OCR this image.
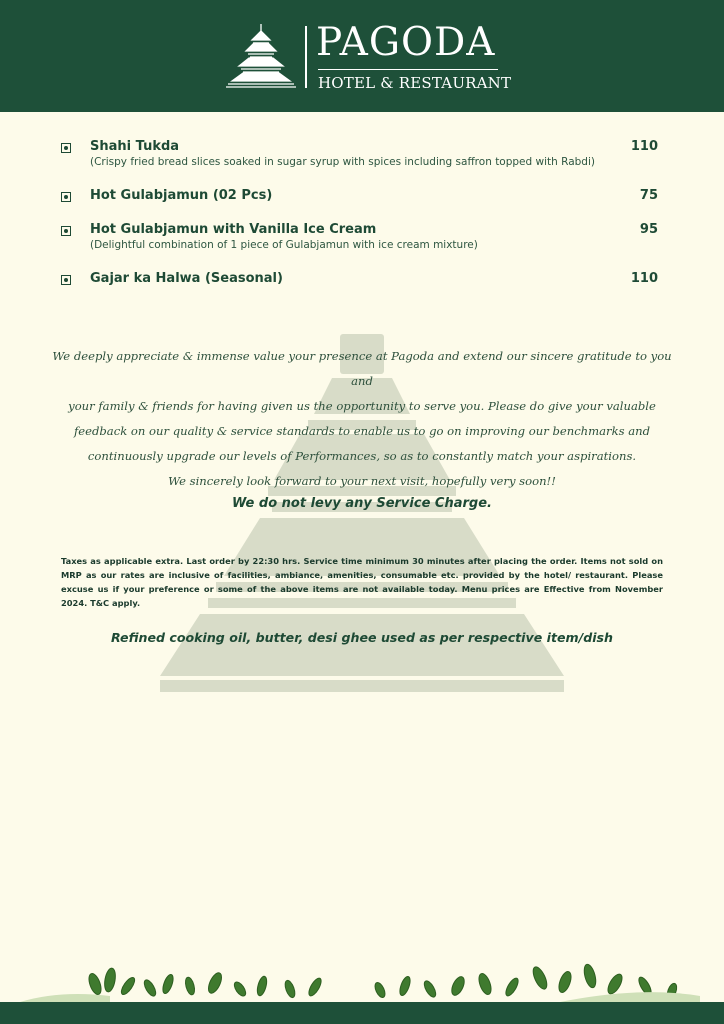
PAGODA
HOTEL & RESTAURANT
Shahi Tukda	110
(Crispy fried bread slices soaked in sugar syrup with spices including saffron topped with Rabdi)
Hot Gulabjamun (02 Pcs)	75
Hot Gulabjamun with Vanilla Ice Cream	95
(Delightful combination of 1 piece of Gulabjamun with ice cream mixture)
Gajar ka Halwa (Seasonal)	110

We deeply appreciate & immense value your presence at Pagoda and extend our sincere gratitude to you and

your family & friends for having given us the opportunity to serve you. Please do give your valuable

feedback on our quality & service standards to enable us to go on improving our benchmarks and

continuously upgrade our levels of Performances, so as to constantly match your aspirations.

We sincerely look forward to your next visit, hopefully very soon!!

We do not levy any Service Charge.
Taxes as applicable extra. Last order by 22:30 hrs. Service time minimum 30 minutes after placing the order. Items not sold on MRP as our rates are inclusive of facilities, ambiance, amenities, consumable etc. provided by the hotel/ restaurant. Please excuse us if your preference or some of the above items are not available today. Menu prices are Effective from November 2024. T&C apply.
Refined cooking oil, butter, desi ghee used as per respective item/dish
